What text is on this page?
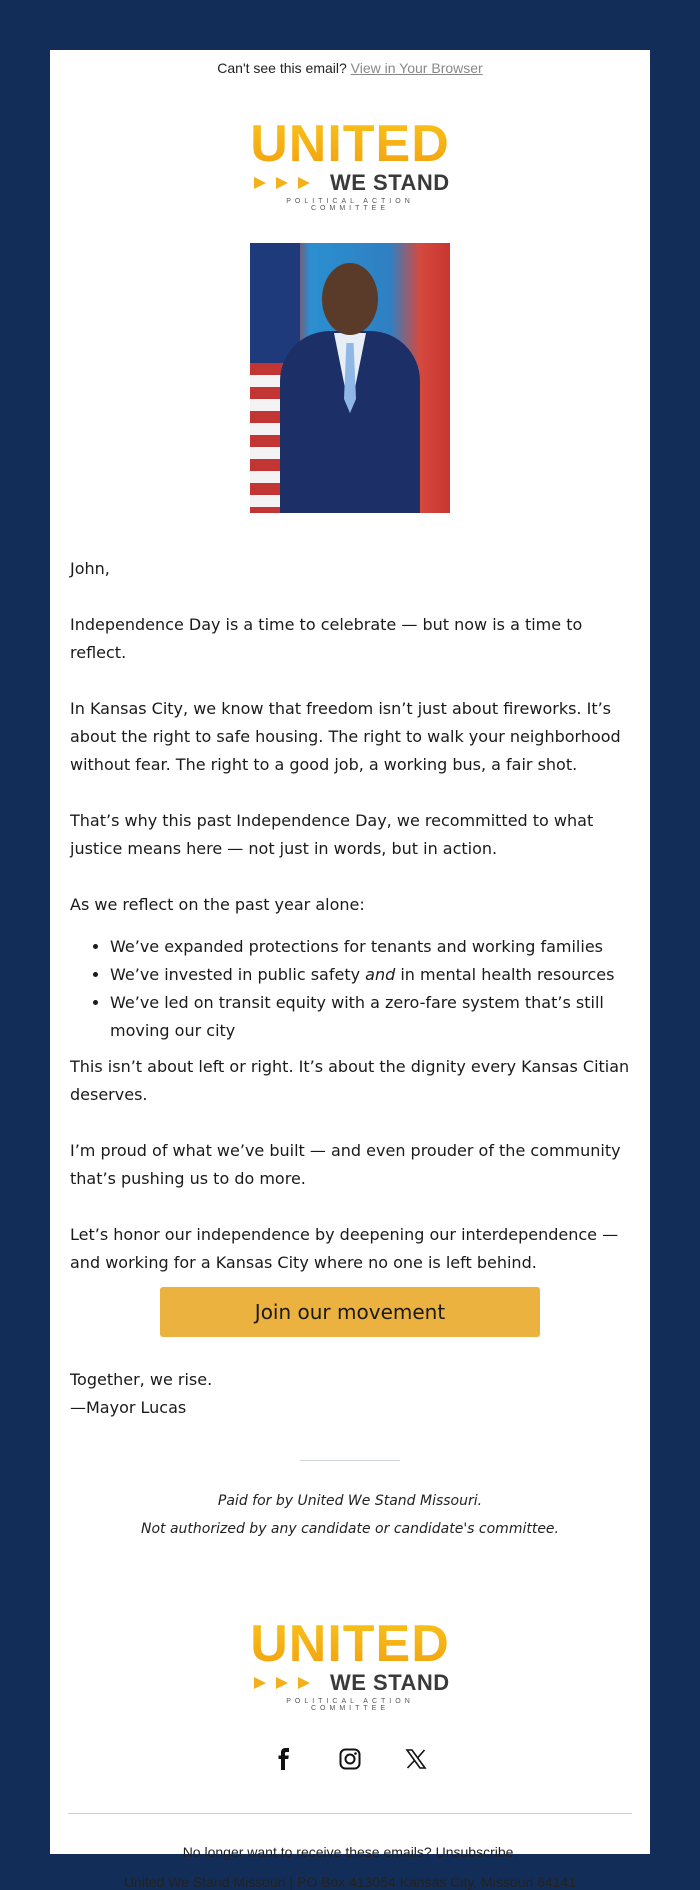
Can't see this email? View in Your Browser
UNITED
WE STAND
POLITICAL ACTION COMMITTEE

John,

Independence Day is a time to celebrate — but now is a time to reflect.

In Kansas City, we know that freedom isn’t just about fireworks. It’s about the right to safe housing. The right to walk your neighborhood without fear. The right to a good job, a working bus, a fair shot.

That’s why this past Independence Day, we recommitted to what justice means here — not just in words, but in action.

As we reflect on the past year alone:

• We’ve expanded protections for tenants and working families
• We’ve invested in public safety and in mental health resources
• We’ve led on transit equity with a zero-fare system that’s still moving our city

This isn’t about left or right. It’s about the dignity every Kansas Citian deserves.

I’m proud of what we’ve built — and even prouder of the community that’s pushing us to do more.

Let’s honor our independence by deepening our interdependence — and working for a Kansas City where no one is left behind.

Join our movement
Together, we rise.
—Mayor Lucas
Paid for by United We Stand Missouri.
Not authorized by any candidate or candidate's committee.
UNITED
WE STAND
POLITICAL ACTION COMMITTEE
No longer want to receive these emails? Unsubscribe.
United We Stand Missouri | PO Box 413054 Kansas City, Missouri 64141
